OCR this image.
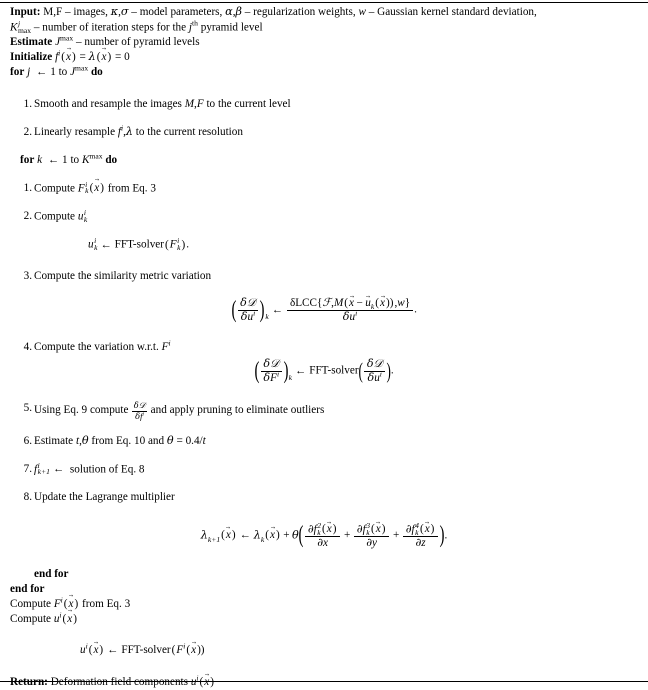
Input: M,F – images, κ,σ – model parameters, α,β – regularization weights, w – Gaussian kernel standard deviation,
K j
max – number of iteration steps for the $j^{th}$ pyramid level
Estimate $J^{max}$ – number of pyramid levels
Initialize $f^i(\to x) = \lambda(\to x) = 0$
for j ← 1 to $J^{max}$ do
1. Smooth and resample the images M,F to the current level
2. Linearly resample $f^i,\lambda$ to the current resolution
for k ← 1 to $K^{max}$ do
1. Compute F i
k (→ x) from Eq. 3
2. Compute u i
k
u i
k ← FFT-solver(F i
k ).
3. Compute the similarity metric variation
( $\frac{\text{δ𝒟}}{\delta u^i}$ )$_k\leftarrow \frac{\delta LCC\{ℱ,M(\to x - \to u_k(\to x)),w\}}{\delta u^i}$ .
4. Compute the variation w.r.t. $F^i$
( $\frac{\text{δ𝒟}}{\delta F^i}$ )$_k\leftarrow$ FFT-solver( $\frac{\text{δ𝒟}}{\delta u^i}$ ).
5. Using Eq. 9 compute $\frac{\text{δ𝒟}}{\delta f^i}$ and apply pruning to eliminate outliers
6. Estimate t,θ from Eq. 10 and θ = 0.4/t
7. f i
k+1 ← solution of Eq. 8
8. Update the Lagrange multiplier
$\lambda_{k+1}(\to x)$ ← $\lambda_k(\to x) + \theta$( ∂f 2
k (→ x)
∂x + ∂f 3
k (→ x)
∂y + ∂f 4
k (→ x)
∂z ).
end for
end for
Compute $F^i(\to x)$ from Eq. 3
Compute $u^i(\to x)$
$u^i(\to x)$ ← FFT-$solver(F^i(\to x))$
Return: Deformation field components $u^i(\to x)$
